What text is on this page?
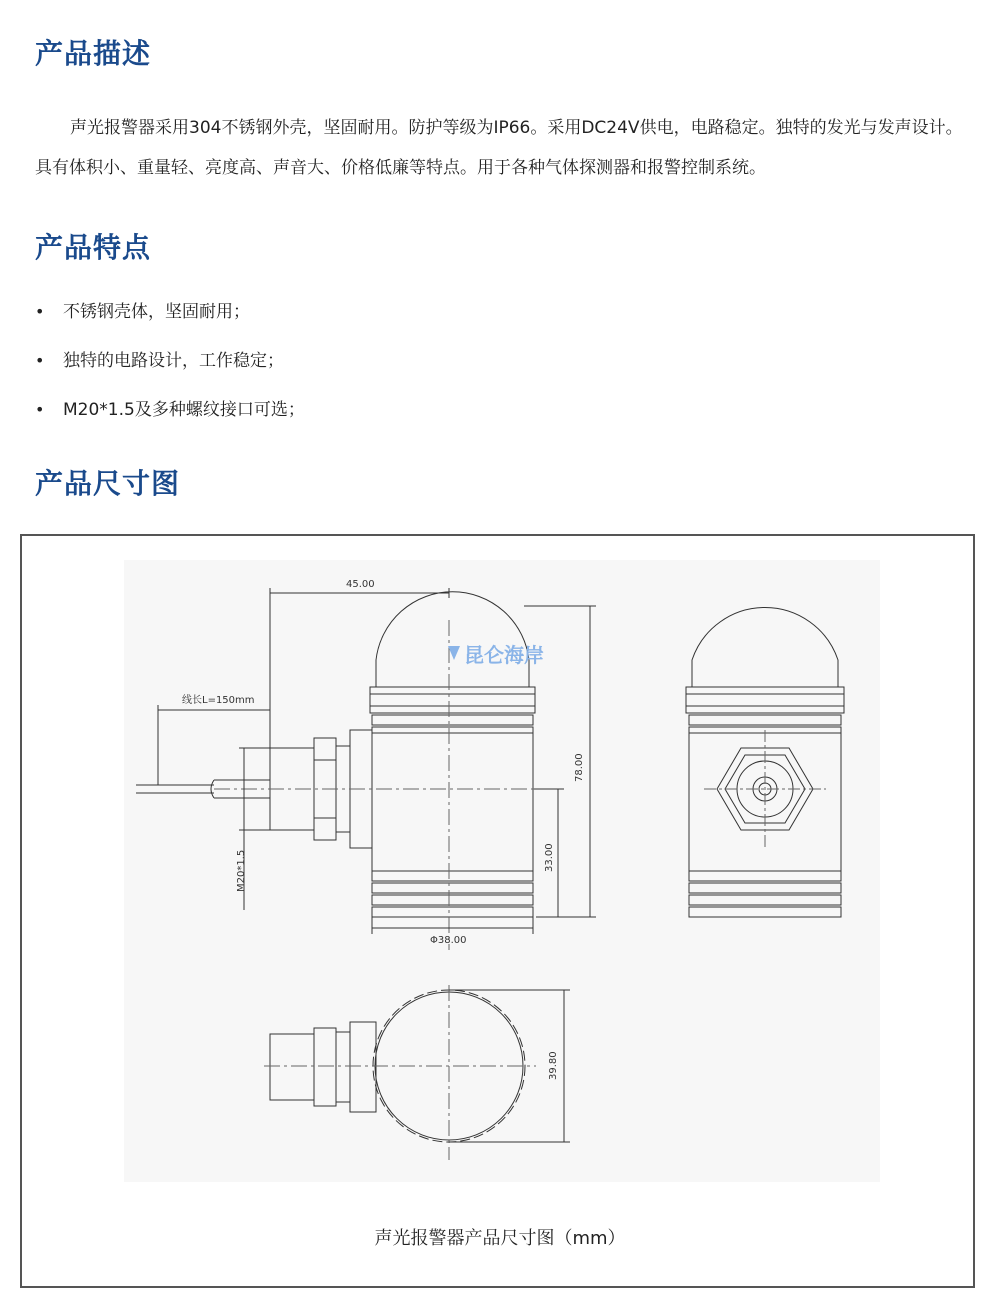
产品描述

声光报警器采用304不锈钢外壳，坚固耐用。防护等级为IP66。采用DC24V供电，电路稳定。独特的发光与发声设计。具有体积小、重量轻、亮度高、声音大、价格低廉等特点。用于各种气体探测器和报警控制系统。

产品特点
• 不锈钢壳体，坚固耐用；
• 独特的电路设计，工作稳定；
• M20*1.5及多种螺纹接口可选；
产品尺寸图
45.00
线长L=150mm
M20*1.5
78.00
33.00
Φ38.00
昆仑海岸
39.80
声光报警器产品尺寸图（mm）
